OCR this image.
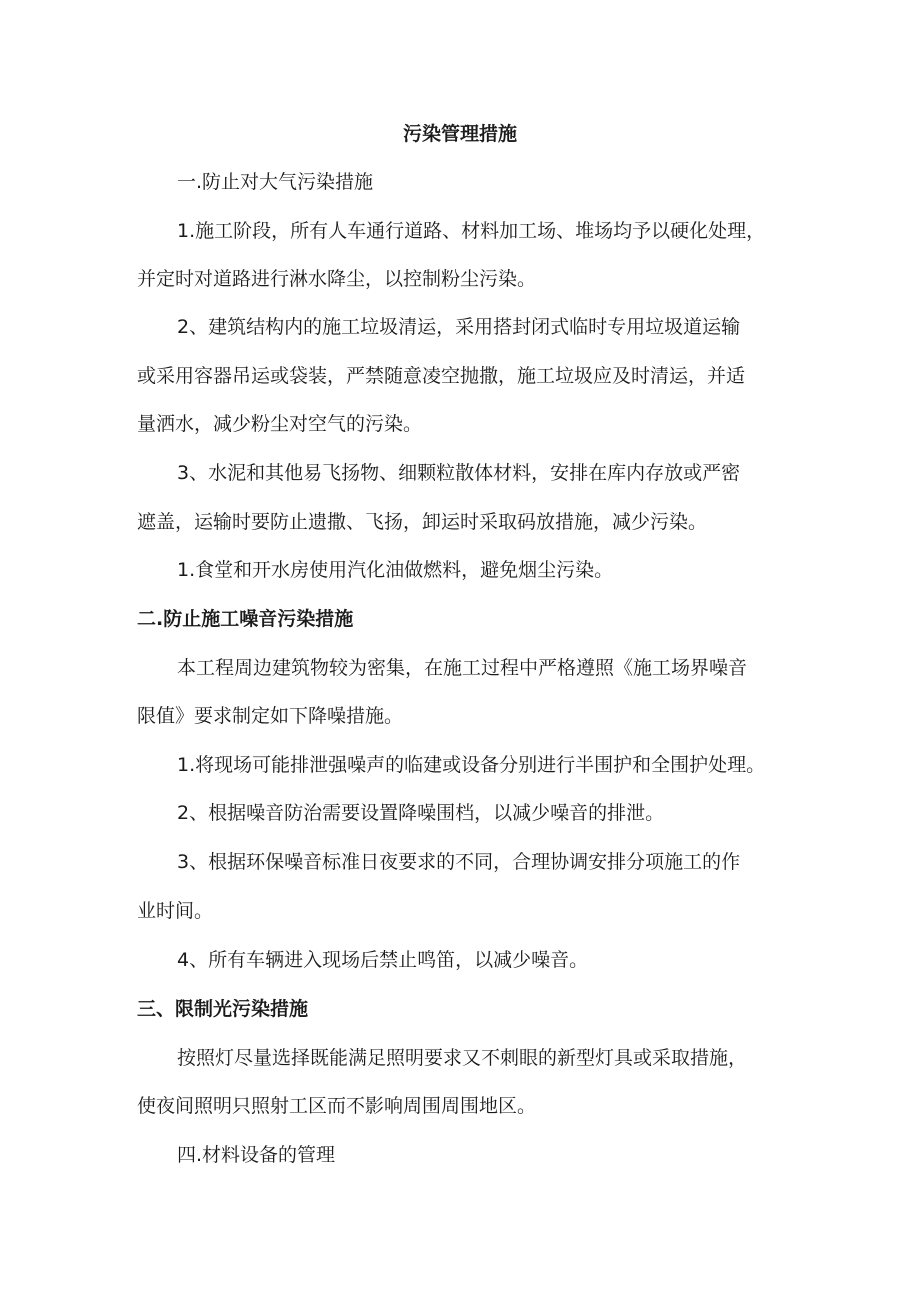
污染管理措施
一.防止对大气污染措施
1.施工阶段，所有人车通行道路、材料加工场、堆场均予以硬化处理，
并定时对道路进行淋水降尘，以控制粉尘污染。
2、建筑结构内的施工垃圾清运，采用搭封闭式临时专用垃圾道运输
或采用容器吊运或袋装，严禁随意凌空抛撒，施工垃圾应及时清运，并适
量洒水，减少粉尘对空气的污染。
3、水泥和其他易飞扬物、细颗粒散体材料，安排在库内存放或严密
遮盖，运输时要防止遗撒、飞扬，卸运时采取码放措施，减少污染。
1.食堂和开水房使用汽化油做燃料，避免烟尘污染。
二.防止施工噪音污染措施
本工程周边建筑物较为密集，在施工过程中严格遵照《施工场界噪音
限值》要求制定如下降噪措施。
1.将现场可能排泄强噪声的临建或设备分别进行半围护和全围护处理。
2、根据噪音防治需要设置降噪围档，以减少噪音的排泄。
3、根据环保噪音标准日夜要求的不同，合理协调安排分项施工的作
业时间。
4、所有车辆进入现场后禁止鸣笛，以减少噪音。
三、限制光污染措施
按照灯尽量选择既能满足照明要求又不刺眼的新型灯具或采取措施，
使夜间照明只照射工区而不影响周围周围地区。
四.材料设备的管理
